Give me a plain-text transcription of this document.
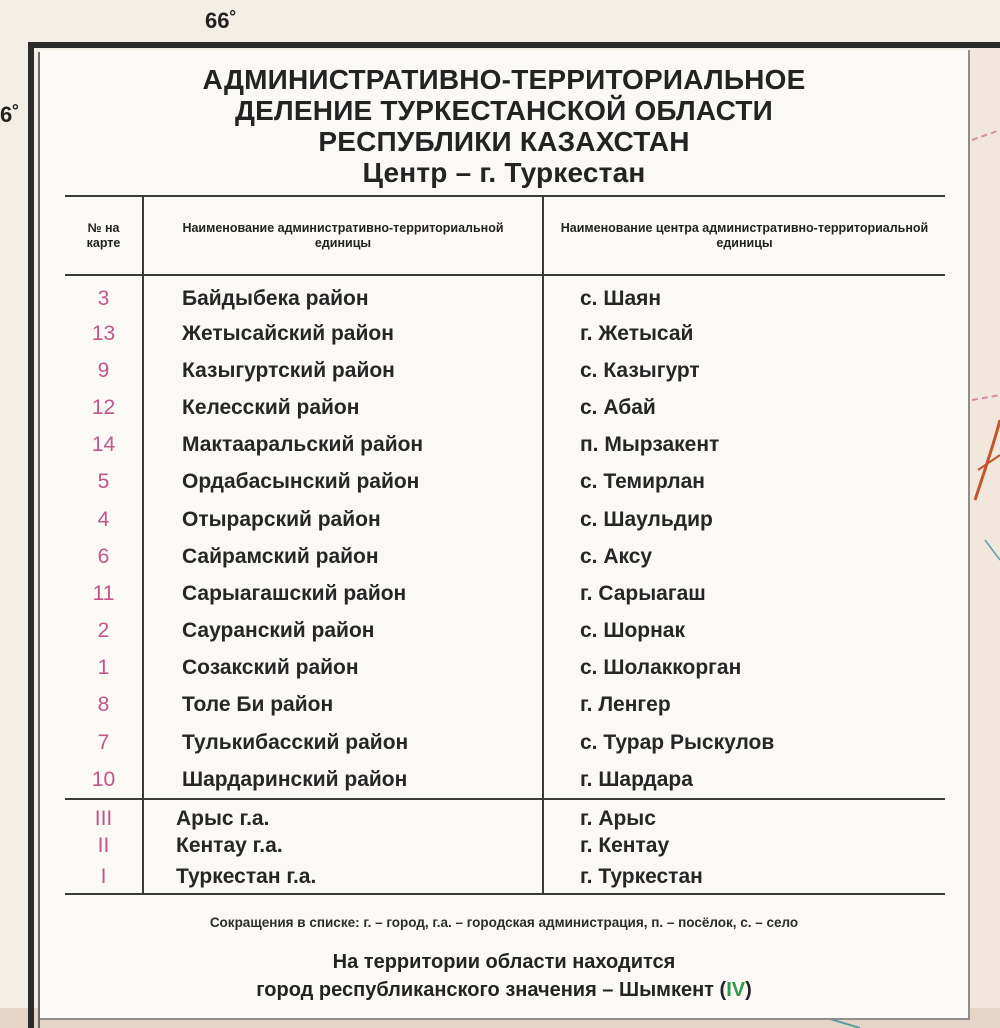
66˚
6˚
АДМИНИСТРАТИВНО-ТЕРРИТОРИАЛЬНОЕ
ДЕЛЕНИЕ ТУРКЕСТАНСКОЙ ОБЛАСТИ
РЕСПУБЛИКИ КАЗАХСТАН
Центр – г. Туркестан
№ на карте	Наименование административно-территориальной единицы	Наименование центра административно-территориальной единицы
3	Байдыбека район	с. Шаян
13	Жетысайский район	г. Жетысай
9	Казыгуртский район	с. Казыгурт
12	Келесский район	с. Абай
14	Мактааральский район	п. Мырзакент
5	Ордабасынский район	с. Темирлан
4	Отырарский район	с. Шаульдир
6	Сайрамский район	с. Аксу
11	Сарыагашский район	г. Сарыагаш
2	Сауранский район	с. Шорнак
1	Созакский район	с. Шолаккорган
8	Толе Би район	г. Ленгер
7	Тулькибасский район	с. Турар Рыскулов
10	Шардаринский район	г. Шардара
III	Арыс г.а.	г. Арыс
II	Кентау г.а.	г. Кентау
I	Туркестан г.а.	г. Туркестан
Сокращения в списке: г. – город, г.а. – городская администрация, п. – посёлок, с. – село
На территории области находится
город республиканского значения – Шымкент (IV)
